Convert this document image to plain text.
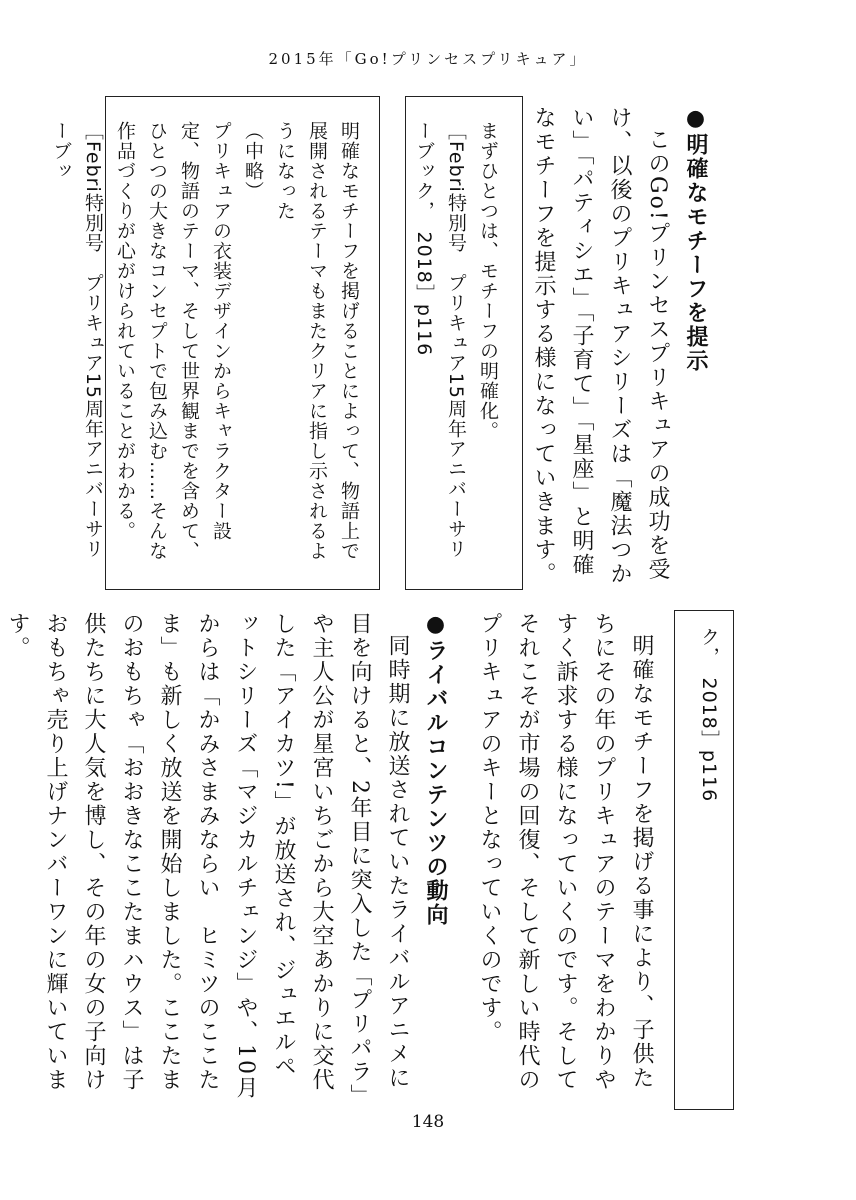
2015年「Go!プリンセスプリキュア」
●明確なモチーフを提示
このGo!プリンセスプリキュアの成功を受け、以後のプリキュアシリーズは「魔法つかい」「パティシエ」「子育て」「星座」と明確なモチーフを提示する様になっていきます。
まずひとつは、モチーフの明確化。
［Febri特別号　プリキュア15周年アニバーサリーブック，　2018］p116
明確なモチーフを掲げることによって、物語上で展開されるテーマもまたクリアに指し示されるようになった
（中略）
プリキュアの衣装デザインからキャラクター設定、物語のテーマ、そして世界観までを含めて、ひとつの大きなコンセプトで包み込む……そんな作品づくりが心がけられていることがわかる。
［Febri特別号　プリキュア15周年アニバーサリーブッ
ク，　2018］p116
明確なモチーフを掲げる事により、子供たちにその年のプリキュアのテーマをわかりやすく訴求する様になっていくのです。そしてそれこそが市場の回復、そして新しい時代のプリキュアのキーとなっていくのです。
●ライバルコンテンツの動向
同時期に放送されていたライバルアニメに目を向けると、2年目に突入した「プリパラ」や主人公が星宮いちごから大空あかりに交代した「アイカツ!」が放送され、ジュエルペットシリーズ「マジカルチェンジ」や、10月からは「かみさまみならい　ヒミツのここたま」も新しく放送を開始しました。ここたまのおもちゃ「おおきなここたまハウス」は子供たちに大人気を博し、その年の女の子向けおもちゃ売り上げナンバーワンに輝いています。
148
